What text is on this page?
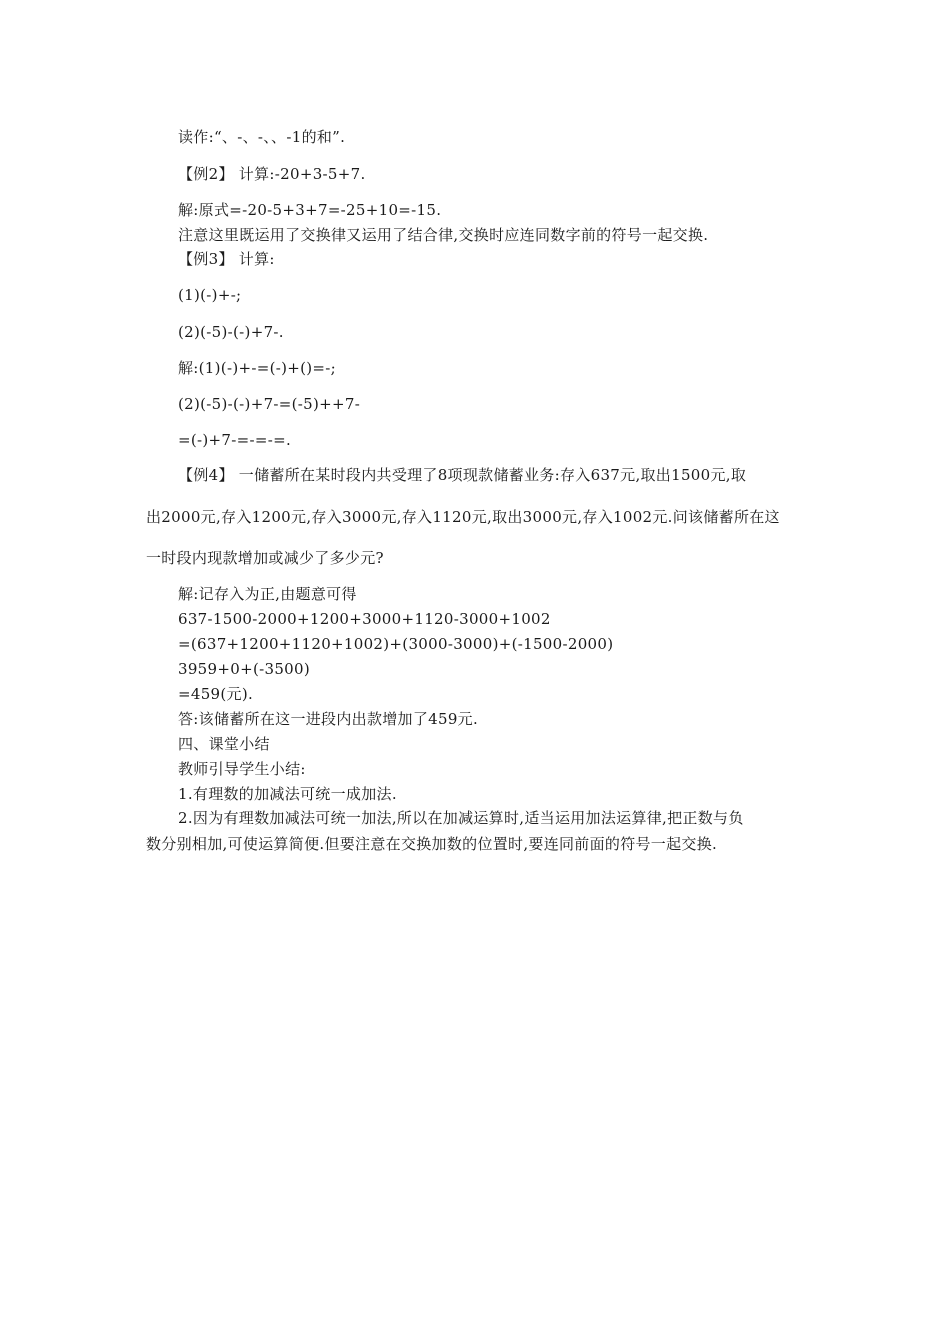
读作:“、-、-、、-1的和”.
【例2】 计算:-20+3-5+7.
解:原式=-20-5+3+7=-25+10=-15.
注意这里既运用了交换律又运用了结合律,交换时应连同数字前的符号一起交换.
【例3】 计算:
(1)(-)+-;
(2)(-5)-(-)+7-.
解:(1)(-)+-=(-)+()=-;
(2)(-5)-(-)+7-=(-5)++7-
=(-)+7-=-=-=.
【例4】 一储蓄所在某时段内共受理了8项现款储蓄业务:存入637元,取出1500元,取
出2000元,存入1200元,存入3000元,存入1120元,取出3000元,存入1002元.问该储蓄所在这
一时段内现款增加或减少了多少元?
解:记存入为正,由题意可得
637-1500-2000+1200+3000+1120-3000+1002
=(637+1200+1120+1002)+(3000-3000)+(-1500-2000)
3959+0+(-3500)
=459(元).
答:该储蓄所在这一进段内出款增加了459元.
四、课堂小结
教师引导学生小结:
1.有理数的加减法可统一成加法.
2.因为有理数加减法可统一加法,所以在加减运算时,适当运用加法运算律,把正数与负
数分别相加,可使运算简便.但要注意在交换加数的位置时,要连同前面的符号一起交换.
